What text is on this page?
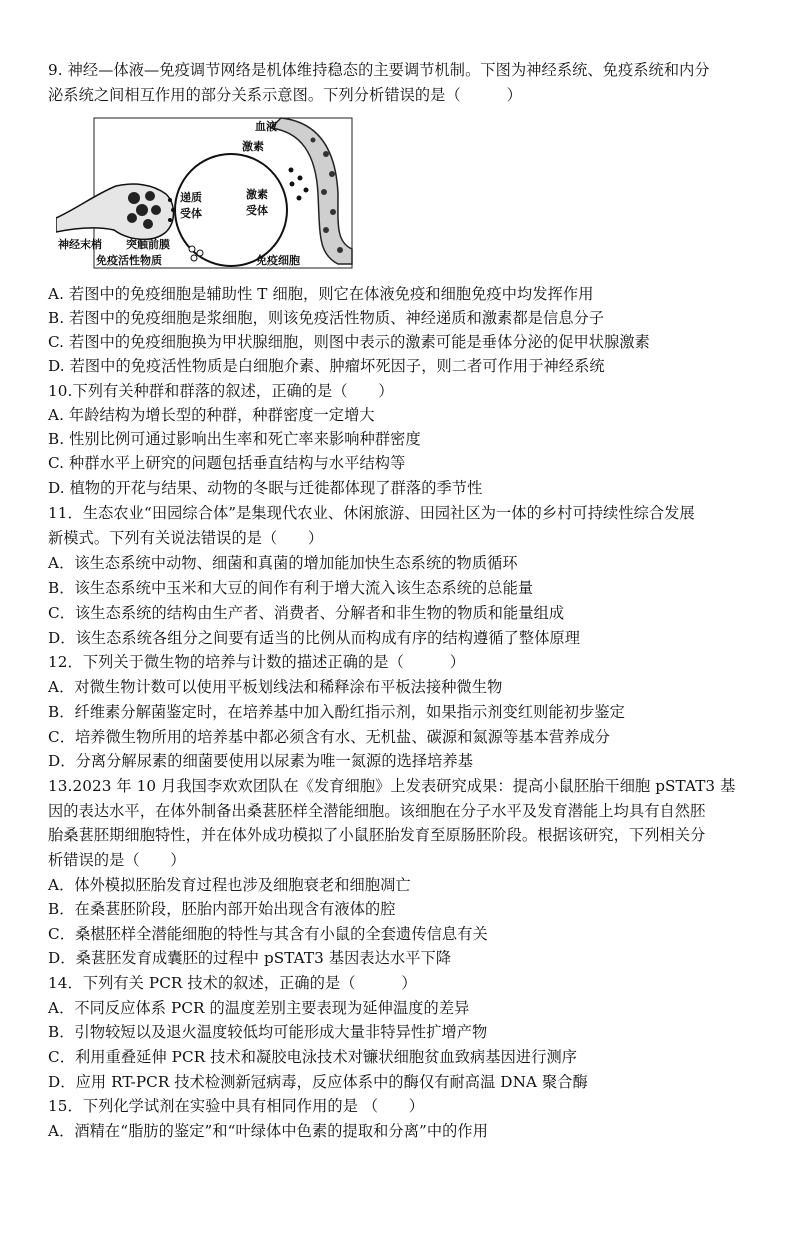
9. 神经—体液—免疫调节网络是机体维持稳态的主要调节机制。下图为神经系统、免疫系统和内分
泌系统之间相互作用的部分关系示意图。下列分析错误的是（　　　）
血液
激素
递质
受体
激素
受体
神经末梢 突触前膜
免疫活性物质	免疫细胞
A. 若图中的免疫细胞是辅助性 T 细胞，则它在体液免疫和细胞免疫中均发挥作用
B. 若图中的免疫细胞是浆细胞，则该免疫活性物质、神经递质和激素都是信息分子
C. 若图中的免疫细胞换为甲状腺细胞，则图中表示的激素可能是垂体分泌的促甲状腺激素
D. 若图中的免疫活性物质是白细胞介素、肿瘤坏死因子，则二者可作用于神经系统
10.下列有关种群和群落的叙述，正确的是（　　）
A. 年龄结构为增长型的种群，种群密度一定增大
B. 性别比例可通过影响出生率和死亡率来影响种群密度
C. 种群水平上研究的问题包括垂直结构与水平结构等
D. 植物的开花与结果、动物的冬眠与迁徙都体现了群落的季节性
11．生态农业“田园综合体”是集现代农业、休闲旅游、田园社区为一体的乡村可持续性综合发展
新模式。下列有关说法错误的是（　　）
A．该生态系统中动物、细菌和真菌的增加能加快生态系统的物质循环
B．该生态系统中玉米和大豆的间作有利于增大流入该生态系统的总能量
C．该生态系统的结构由生产者、消费者、分解者和非生物的物质和能量组成
D．该生态系统各组分之间要有适当的比例从而构成有序的结构遵循了整体原理
12．下列关于微生物的培养与计数的描述正确的是（　　　）
A．对微生物计数可以使用平板划线法和稀释涂布平板法接种微生物
B．纤维素分解菌鉴定时，在培养基中加入酚红指示剂，如果指示剂变红则能初步鉴定
C．培养微生物所用的培养基中都必须含有水、无机盐、碳源和氮源等基本营养成分
D．分离分解尿素的细菌要使用以尿素为唯一氮源的选择培养基
13.2023 年 10 月我国李欢欢团队在《发育细胞》上发表研究成果：提高小鼠胚胎干细胞 pSTAT3 基
因的表达水平，在体外制备出桑葚胚样全潜能细胞。该细胞在分子水平及发育潜能上均具有自然胚
胎桑葚胚期细胞特性，并在体外成功模拟了小鼠胚胎发育至原肠胚阶段。根据该研究，下列相关分
析错误的是（　　）
A．体外模拟胚胎发育过程也涉及细胞衰老和细胞凋亡
B．在桑葚胚阶段，胚胎内部开始出现含有液体的腔
C．桑椹胚样全潜能细胞的特性与其含有小鼠的全套遗传信息有关
D．桑葚胚发育成囊胚的过程中 pSTAT3 基因表达水平下降
14．下列有关 PCR 技术的叙述，正确的是（　　　）
A．不同反应体系 PCR 的温度差别主要表现为延伸温度的差异
B．引物较短以及退火温度较低均可能形成大量非特异性扩增产物
C．利用重叠延伸 PCR 技术和凝胶电泳技术对镰状细胞贫血致病基因进行测序
D．应用 RT-PCR 技术检测新冠病毒，反应体系中的酶仅有耐高温 DNA 聚合酶
15．下列化学试剂在实验中具有相同作用的是 （　　）
A．酒精在“脂肪的鉴定”和“叶绿体中色素的提取和分离”中的作用
